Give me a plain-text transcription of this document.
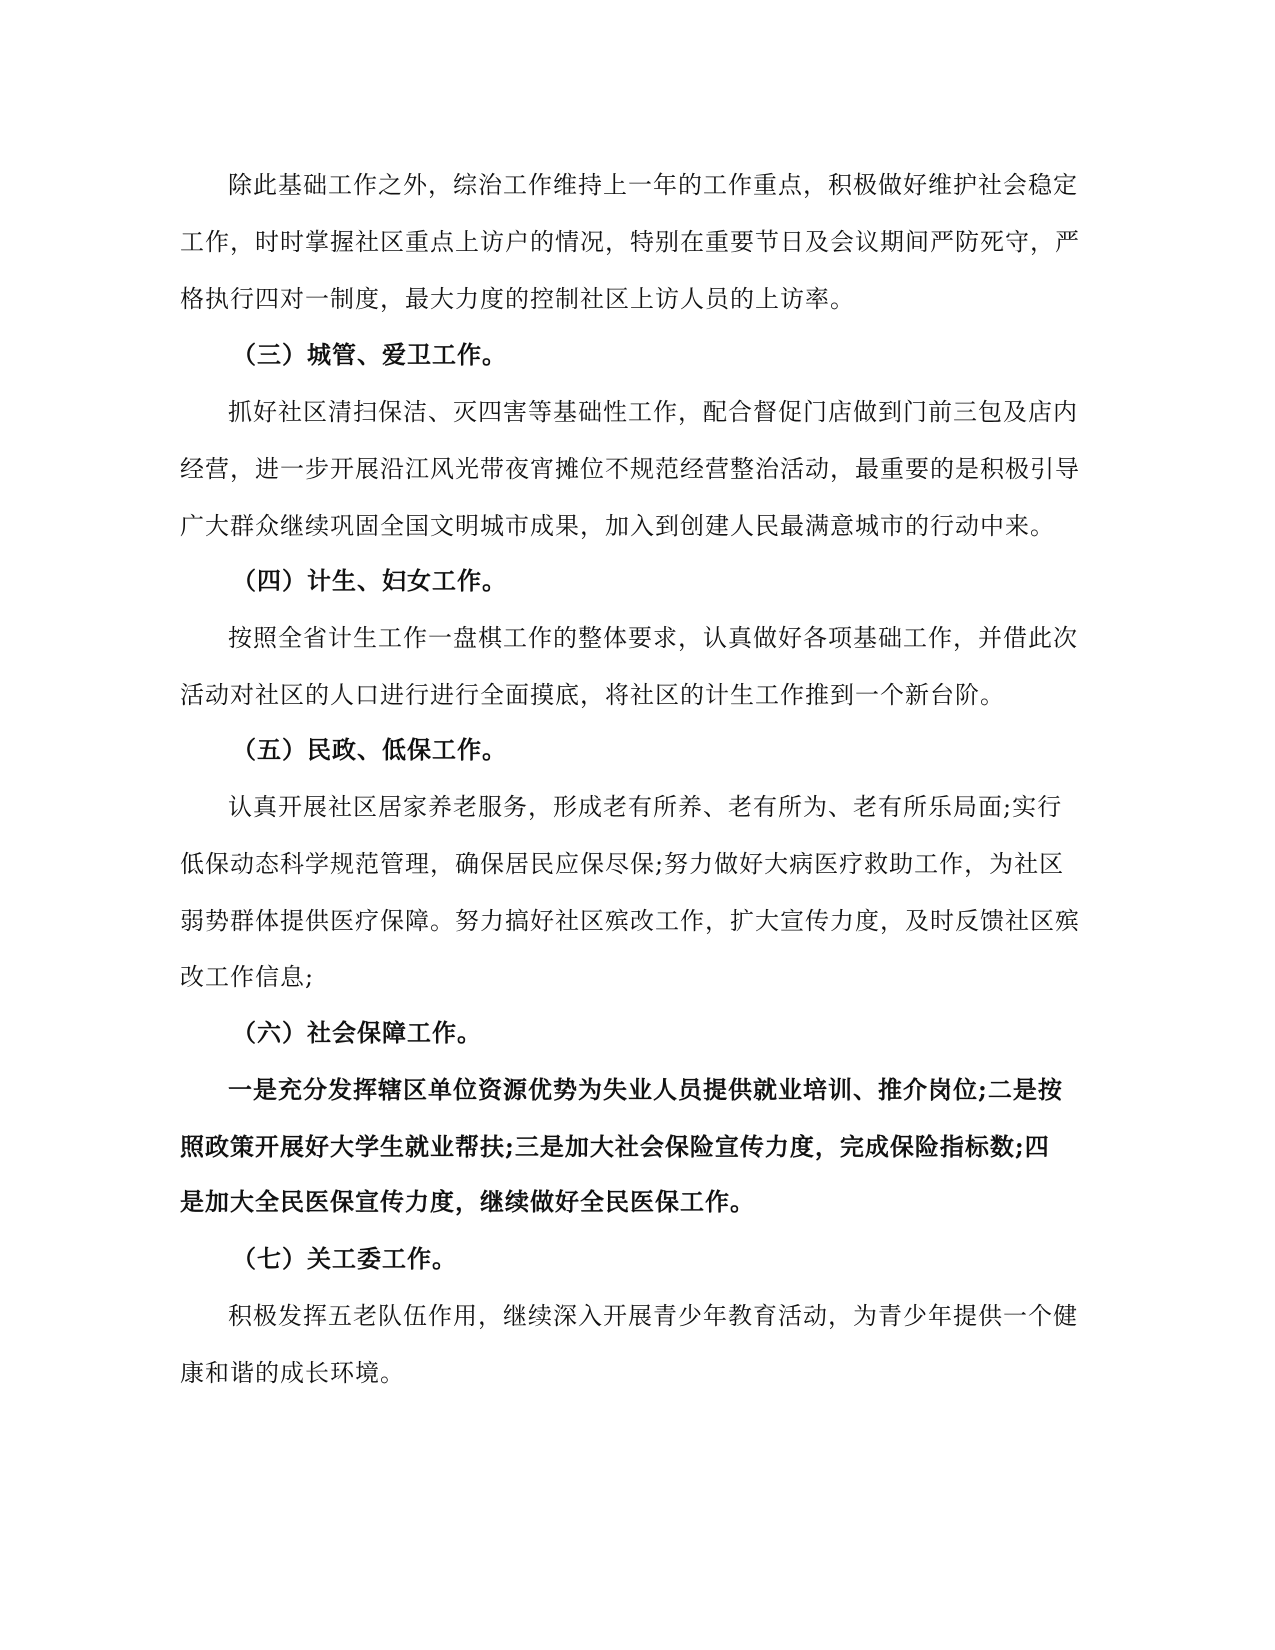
除此基础工作之外，综治工作维持上一年的工作重点，积极做好维护社会稳定
工作，时时掌握社区重点上访户的情况，特别在重要节日及会议期间严防死守，严
格执行四对一制度，最大力度的控制社区上访人员的上访率。
（三）城管、爱卫工作。
抓好社区清扫保洁、灭四害等基础性工作，配合督促门店做到门前三包及店内
经营，进一步开展沿江风光带夜宵摊位不规范经营整治活动，最重要的是积极引导
广大群众继续巩固全国文明城市成果，加入到创建人民最满意城市的行动中来。
（四）计生、妇女工作。
按照全省计生工作一盘棋工作的整体要求，认真做好各项基础工作，并借此次
活动对社区的人口进行进行全面摸底，将社区的计生工作推到一个新台阶。
（五）民政、低保工作。
认真开展社区居家养老服务，形成老有所养、老有所为、老有所乐局面;实行
低保动态科学规范管理，确保居民应保尽保;努力做好大病医疗救助工作，为社区
弱势群体提供医疗保障。努力搞好社区殡改工作，扩大宣传力度，及时反馈社区殡
改工作信息;
（六）社会保障工作。
一是充分发挥辖区单位资源优势为失业人员提供就业培训、推介岗位;二是按
照政策开展好大学生就业帮扶;三是加大社会保险宣传力度，完成保险指标数;四
是加大全民医保宣传力度，继续做好全民医保工作。
（七）关工委工作。
积极发挥五老队伍作用，继续深入开展青少年教育活动，为青少年提供一个健
康和谐的成长环境。
